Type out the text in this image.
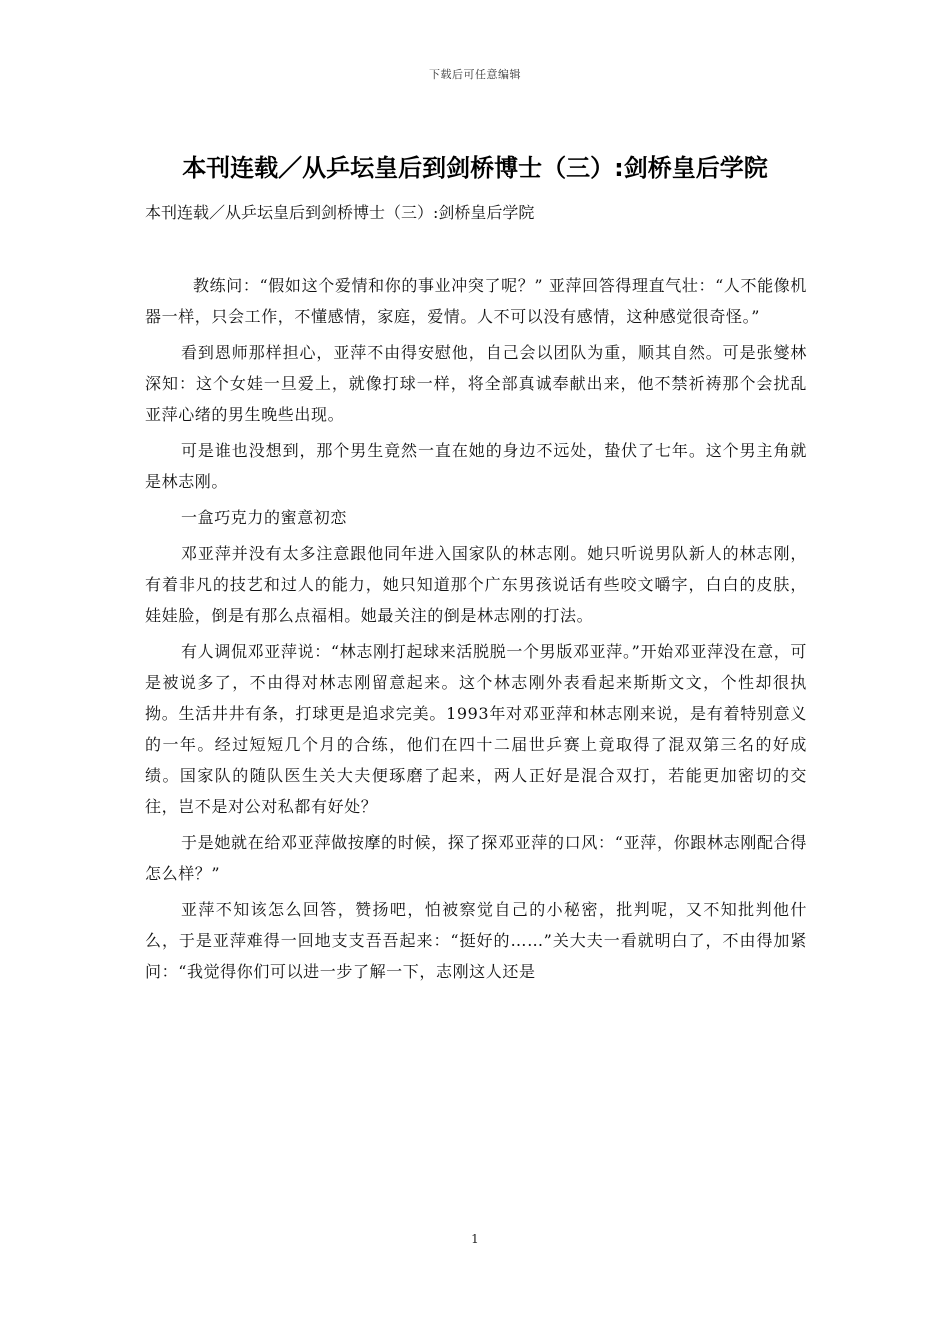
下载后可任意编辑
本刊连载／从乒坛皇后到剑桥博士（三）:剑桥皇后学院

本刊连载／从乒坛皇后到剑桥博士（三）:剑桥皇后学院

教练问：“假如这个爱情和你的事业冲突了呢？” 亚萍回答得理直气壮：“人不能像机器一样，只会工作，不懂感情，家庭，爱情。人不可以没有感情，这种感觉很奇怪。”

看到恩师那样担心，亚萍不由得安慰他，自己会以团队为重，顺其自然。可是张燮林深知：这个女娃一旦爱上，就像打球一样，将全部真诚奉献出来，他不禁祈祷那个会扰乱亚萍心绪的男生晚些出现。

可是谁也没想到，那个男生竟然一直在她的身边不远处，蛰伏了七年。这个男主角就是林志刚。

一盒巧克力的蜜意初恋

邓亚萍并没有太多注意跟他同年进入国家队的林志刚。她只听说男队新人的林志刚，有着非凡的技艺和过人的能力，她只知道那个广东男孩说话有些咬文嚼字，白白的皮肤，娃娃脸，倒是有那么点福相。她最关注的倒是林志刚的打法。

有人调侃邓亚萍说：“林志刚打起球来活脱脱一个男版邓亚萍。”开始邓亚萍没在意，可是被说多了，不由得对林志刚留意起来。这个林志刚外表看起来斯斯文文，个性却很执拗。生活井井有条，打球更是追求完美。1993年对邓亚萍和林志刚来说，是有着特别意义的一年。经过短短几个月的合练，他们在四十二届世乒赛上竟取得了混双第三名的好成绩。国家队的随队医生关大夫便琢磨了起来，两人正好是混合双打，若能更加密切的交往，岂不是对公对私都有好处？

于是她就在给邓亚萍做按摩的时候，探了探邓亚萍的口风：“亚萍，你跟林志刚配合得怎么样？”

亚萍不知该怎么回答，赞扬吧，怕被察觉自己的小秘密，批判呢，又不知批判他什么，于是亚萍难得一回地支支吾吾起来：“挺好的……”关大夫一看就明白了，不由得加紧问：“我觉得你们可以进一步了解一下，志刚这人还是

1
